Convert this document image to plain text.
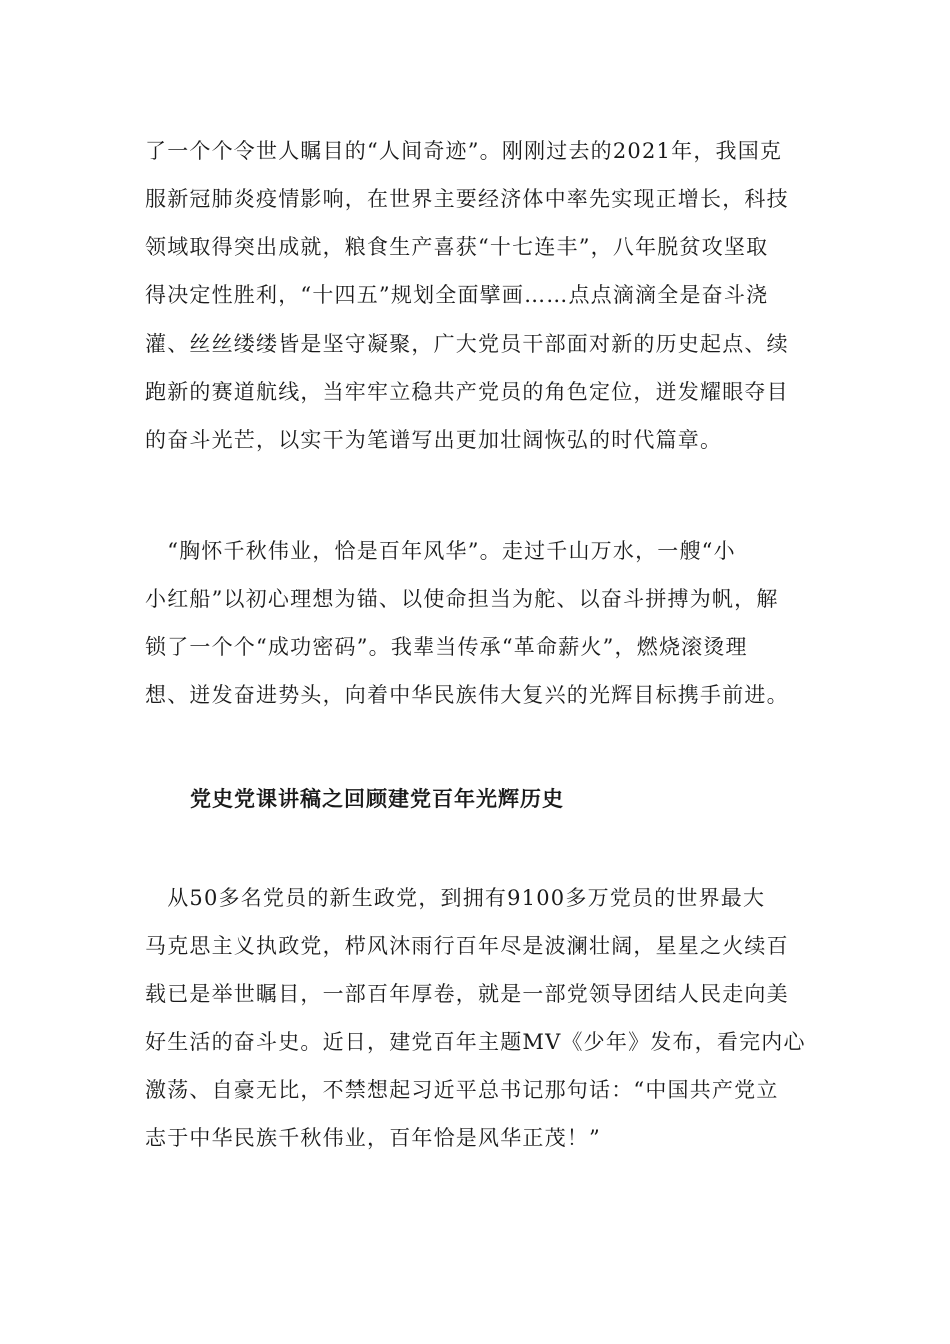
了一个个令世人瞩目的“人间奇迹”。刚刚过去的2021年，我国克
服新冠肺炎疫情影响，在世界主要经济体中率先实现正增长，科技
领域取得突出成就，粮食生产喜获“十七连丰”，八年脱贫攻坚取
得决定性胜利，“十四五”规划全面擘画……点点滴滴全是奋斗浇
灌、丝丝缕缕皆是坚守凝聚，广大党员干部面对新的历史起点、续
跑新的赛道航线，当牢牢立稳共产党员的角色定位，迸发耀眼夺目
的奋斗光芒，以实干为笔谱写出更加壮阔恢弘的时代篇章。
　“胸怀千秋伟业，恰是百年风华”。走过千山万水，一艘“小
小红船”以初心理想为锚、以使命担当为舵、以奋斗拼搏为帆，解
锁了一个个“成功密码”。我辈当传承“革命薪火”，燃烧滚烫理
想、迸发奋进势头，向着中华民族伟大复兴的光辉目标携手前进。
党史党课讲稿之回顾建党百年光辉历史
　从50多名党员的新生政党，到拥有9100多万党员的世界最大
马克思主义执政党，栉风沐雨行百年尽是波澜壮阔，星星之火续百
载已是举世瞩目，一部百年厚卷，就是一部党领导团结人民走向美
好生活的奋斗史。近日，建党百年主题MV《少年》发布，看完内心
激荡、自豪无比，不禁想起习近平总书记那句话：“中国共产党立
志于中华民族千秋伟业，百年恰是风华正茂！”
